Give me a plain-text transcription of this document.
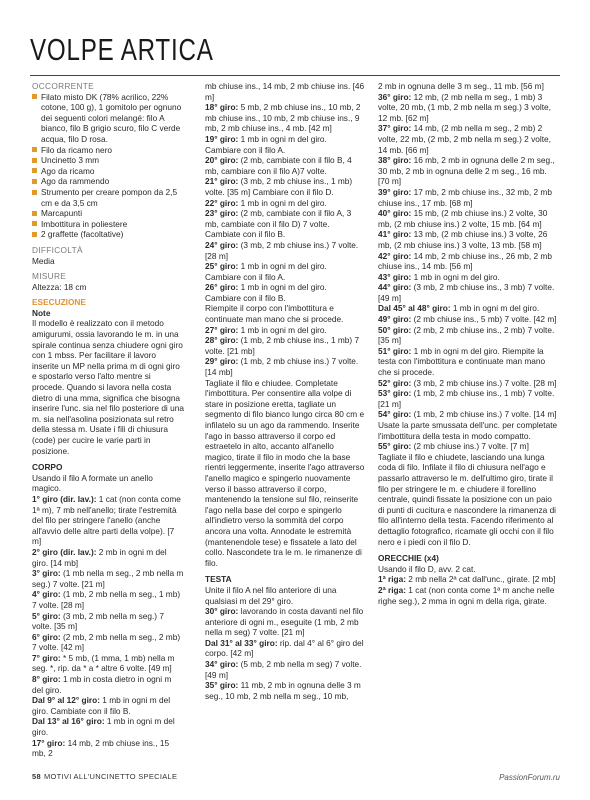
VOLPE ARTICA
OCCORRENTE
Filato misto DK (78% acrilico, 22% cotone, 100 g), 1 gomitolo per ognuno dei seguenti colori melangé: filo A bianco, filo B grigio scuro, filo C verde acqua, filo D rosa.
Filo da ricamo nero
Uncinetto 3 mm
Ago da ricamo
Ago da rammendo
Strumento per creare pompon da 2,5 cm e da 3,5 cm
Marcapunti
Imbottitura in poliestere
2 graffette (facoltative)
DIFFICOLTÀ
Media
MISURE
Altezza: 18 cm
ESECUZIONE
Note
Il modello è realizzato con il metodo amigurumi, ossia lavorando le m. in una spirale continua senza chiudere ogni giro con 1 mbss. Per facilitare il lavoro inserite un MP nella prima m di ogni giro e spostarlo verso l'alto mentre si procede. Quando si lavora nella costa dietro di una mma, significa che bisogna inserire l'unc. sia nel filo posteriore di una m. sia nell'asolina posizionata sul retro della stessa m. Usate i fili di chiusura (code) per cucire le varie parti in posizione.
CORPO
Usando il filo A formate un anello magico.
1° giro (dir. lav.): 1 cat (non conta come 1ª m), 7 mb nell'anello; tirate l'estremità del filo per stringere l'anello (anche all'avvio delle altre parti della volpe). [7 m]
2° giro (dir. lav.): 2 mb in ogni m del giro. [14 mb]
3° giro: (1 mb nella m seg., 2 mb nella m seg.) 7 volte. [21 m]
4° giro: (1 mb, 2 mb nella m seg., 1 mb) 7 volte. [28 m]
5° giro: (3 mb, 2 mb nella m seg.) 7 volte. [35 m]
6° giro: (2 mb, 2 mb nella m seg., 2 mb) 7 volte. [42 m]
7° giro: * 5 mb, (1 mma, 1 mb) nella m seg. *, rip. da * a * altre 6 volte. [49 m]
8° giro: 1 mb in costa dietro in ogni m del giro.
Dal 9° al 12° giro: 1 mb in ogni m del giro. Cambiate con il filo B.
Dal 13° al 16° giro: 1 mb in ogni m del giro.
17° giro: 14 mb, 2 mb chiuse ins., 15 mb, 2
mb chiuse ins., 14 mb, 2 mb chiuse ins. [46 m]
18° giro: 5 mb, 2 mb chiuse ins., 10 mb, 2 mb chiuse ins., 10 mb, 2 mb chiuse ins., 9 mb, 2 mb chiuse ins., 4 mb. [42 m]
19° giro: 1 mb in ogni m del giro. Cambiare con il filo A.
20° giro: (2 mb, cambiate con il filo B, 4 mb, cambiare con il filo A)7 volte.
21° giro: (3 mb, 2 mb chiuse ins., 1 mb) volte. [35 m] Cambiare con il filo D.
22° giro: 1 mb in ogni m del giro.
23° giro: (2 mb, cambiate con il filo A, 3 mb, cambiate con il filo D) 7 volte. Cambiate con il filo B.
24° giro: (3 mb, 2 mb chiuse ins.) 7 volte. [28 m]
25° giro: 1 mb in ogni m del giro. Cambiare con il filo A.
26° giro: 1 mb in ogni m del giro. Cambiare con il filo B.
Riempite il corpo con l'imbottitura e continuate man mano che si procede.
27° giro: 1 mb in ogni m del giro.
28° giro: (1 mb, 2 mb chiuse ins., 1 mb) 7 volte. [21 mb]
29° giro: (1 mb, 2 mb chiuse ins.) 7 volte. [14 mb]
Tagliate il filo e chiudee. Completate l'imbottitura. Per consentire alla volpe di stare in posizione eretta, tagliate un segmento di filo bianco lungo circa 80 cm e infilatelo su un ago da rammendo. Inserite l'ago in basso attraverso il corpo ed estraetelo in alto, accanto all'anello magico, tirate il filo in modo che la base rientri leggermente, inserite l'ago attraverso l'anello magico e spingerlo nuovamente verso il basso attraverso il corpo, mantenendo la tensione sul filo, reinserite l'ago nella base del corpo e spingerlo all'indietro verso la sommità del corpo ancora una volta. Annodate le estremità (mantenendole tese) e fissatele a lato del collo. Nascondete tra le m. le rimanenze di filo.
TESTA
Unite il filo A nel filo anteriore di una qualsiasi m del 29° giro.
30° giro: lavorando in costa davanti nel filo anteriore di ogni m., eseguite (1 mb, 2 mb nella m seg) 7 volte. [21 m]
Dal 31° al 33° giro: rip. dal 4° al 6° giro del corpo. [42 m]
34° giro: (5 mb, 2 mb nella m seg) 7 volte. [49 m]
35° giro: 11 mb, 2 mb in ognuna delle 3 m seg., 10 mb, 2 mb nella m seg., 10 mb,
2 mb in ognuna delle 3 m seg., 11 mb. [56 m]
36° giro: 12 mb, (2 mb nella m seg., 1 mb) 3 volte, 20 mb, (1 mb, 2 mb nella m seg.) 3 volte, 12 mb. [62 m]
37° giro: 14 mb, (2 mb nella m seg., 2 mb) 2 volte, 22 mb, (2 mb, 2 mb nella m seg.) 2 volte, 14 mb. [66 m]
38° giro: 16 mb, 2 mb in ognuna delle 2 m seg., 30 mb, 2 mb in ognuna delle 2 m seg., 16 mb. [70 m]
39° giro: 17 mb, 2 mb chiuse ins., 32 mb, 2 mb chiuse ins., 17 mb. [68 m]
40° giro: 15 mb, (2 mb chiuse ins.) 2 volte, 30 mb, (2 mb chiuse ins.) 2 volte, 15 mb. [64 m]
41° giro: 13 mb, (2 mb chiuse ins.) 3 volte, 26 mb, (2 mb chiuse ins.) 3 volte, 13 mb. [58 m]
42° giro: 14 mb, 2 mb chiuse ins., 26 mb, 2 mb chiuse ins., 14 mb. [56 m]
43° giro: 1 mb in ogni m del giro.
44° giro: (3 mb, 2 mb chiuse ins., 3 mb) 7 volte. [49 m]
Dal 45° al 48° giro: 1 mb in ogni m del giro.
49° giro: (2 mb chiuse ins., 5 mb) 7 volte. [42 m]
50° giro: (2 mb, 2 mb chiuse ins., 2 mb) 7 volte. [35 m]
51° giro: 1 mb in ogni m del giro. Riempite la testa con l'imbottitura e continuate man mano che si procede.
52° giro: (3 mb, 2 mb chiuse ins.) 7 volte. [28 m]
53° giro: (1 mb, 2 mb chiuse ins., 1 mb) 7 volte. [21 m]
54° giro: (1 mb, 2 mb chiuse ins.) 7 volte. [14 m]
Usate la parte smussata dell'unc. per completate l'imbottitura della testa in modo compatto.
55° giro: (2 mb chiuse ins.) 7 volte. [7 m]
Tagliate il filo e chiudete, lasciando una lunga coda di filo. Infilate il filo di chiusura nell'ago e passarlo attraverso le m. dell'ultimo giro, tirate il filo per stringere le m. e chiudere il forellino centrale, quindi fissate la posizione con un paio di punti di cucitura e nascondere la rimanenza di filo all'interno della testa. Facendo riferimento al dettaglio fotografico, ricamate gli occhi con il filo nero e i piedi con il filo D.
ORECCHIE (x4)
Usando il filo D, avv. 2 cat.
1ª riga: 2 mb nella 2ª cat dall'unc., girate. [2 mb]
2ª riga: 1 cat (non conta come 1ª m anche nelle righe seg.), 2 mma in ogni m della riga, girate.
58 MOTIVI ALL'UNCINETTO SPECIALE	PassionForum.ru
